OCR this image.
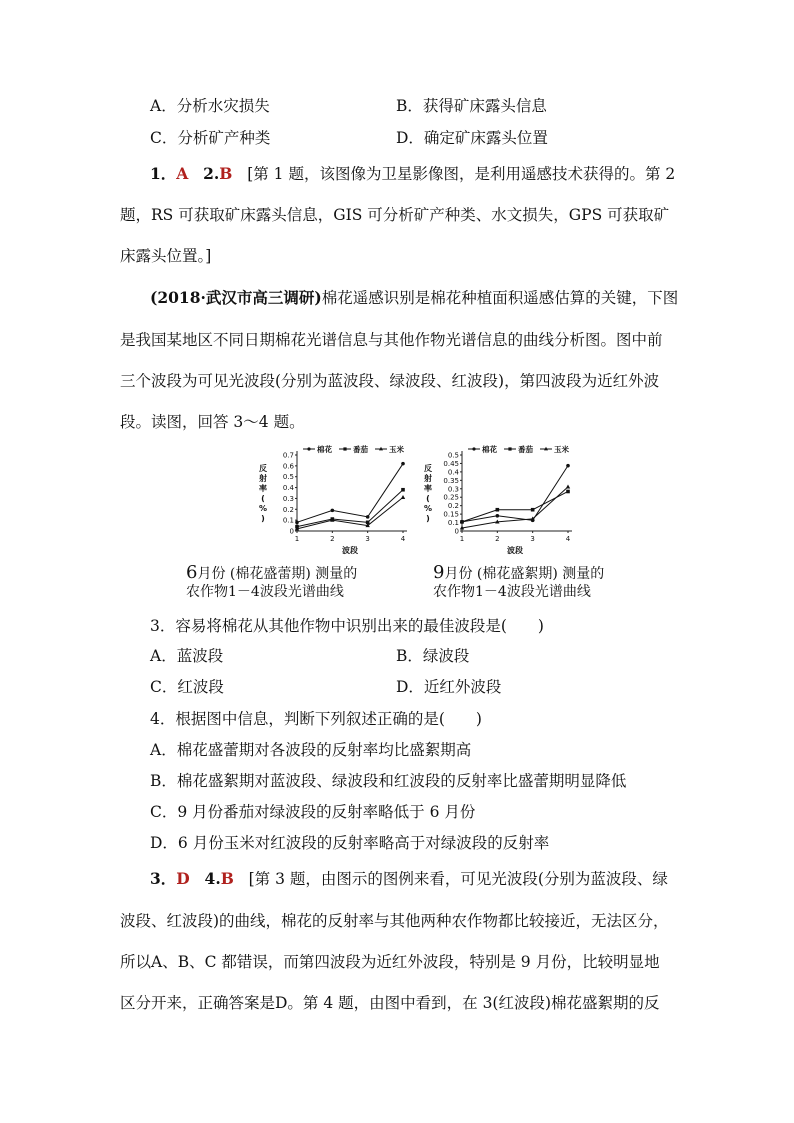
A．分析水灾损失	B．获得矿床露头信息
C．分析矿产种类	D．确定矿床露头位置
1．A 2.B [第 1 题，该图像为卫星影像图，是利用遥感技术获得的。第 2
题，RS 可获取矿床露头信息，GIS 可分析矿产种类、水文损失，GPS 可获取矿
床露头位置。]
(2018·武汉市高三调研)棉花遥感识别是棉花种植面积遥感估算的关键，下图
是我国某地区不同日期棉花光谱信息与其他作物光谱信息的曲线分析图。图中前
三个波段为可见光波段(分别为蓝波段、绿波段、红波段)，第四波段为近红外波
段。读图，回答 3～4 题。
0
0.1
0.2
0.3
0.4
0.5
0.6
0.7
1	2	3	4
波段
反
射
率
(
%
)
棉花	番茄	玉米
6月份 (棉花盛蕾期) 测量的
农作物1－4波段光谱曲线
0
0.1
0.15
0.2
0.25
0.3
0.35
0.4
0.45
0.5
1	2	3	4
波段
反
射
率
(
%
)
棉花	番茄	玉米
9月份 (棉花盛絮期) 测量的
农作物1－4波段光谱曲线
3．容易将棉花从其他作物中识别出来的最佳波段是(　　)
A．蓝波段	B．绿波段
C．红波段	D．近红外波段
4．根据图中信息，判断下列叙述正确的是(　　)
A．棉花盛蕾期对各波段的反射率均比盛絮期高
B．棉花盛絮期对蓝波段、绿波段和红波段的反射率比盛蕾期明显降低
C．9 月份番茄对绿波段的反射率略低于 6 月份
D．6 月份玉米对红波段的反射率略高于对绿波段的反射率
3．D 4.B [第 3 题，由图示的图例来看，可见光波段(分别为蓝波段、绿
波段、红波段)的曲线，棉花的反射率与其他两种农作物都比较接近，无法区分，
所以A、B、C 都错误，而第四波段为近红外波段，特别是 9 月份，比较明显地
区分开来，正确答案是D。第 4 题，由图中看到，在 3(红波段)棉花盛絮期的反
